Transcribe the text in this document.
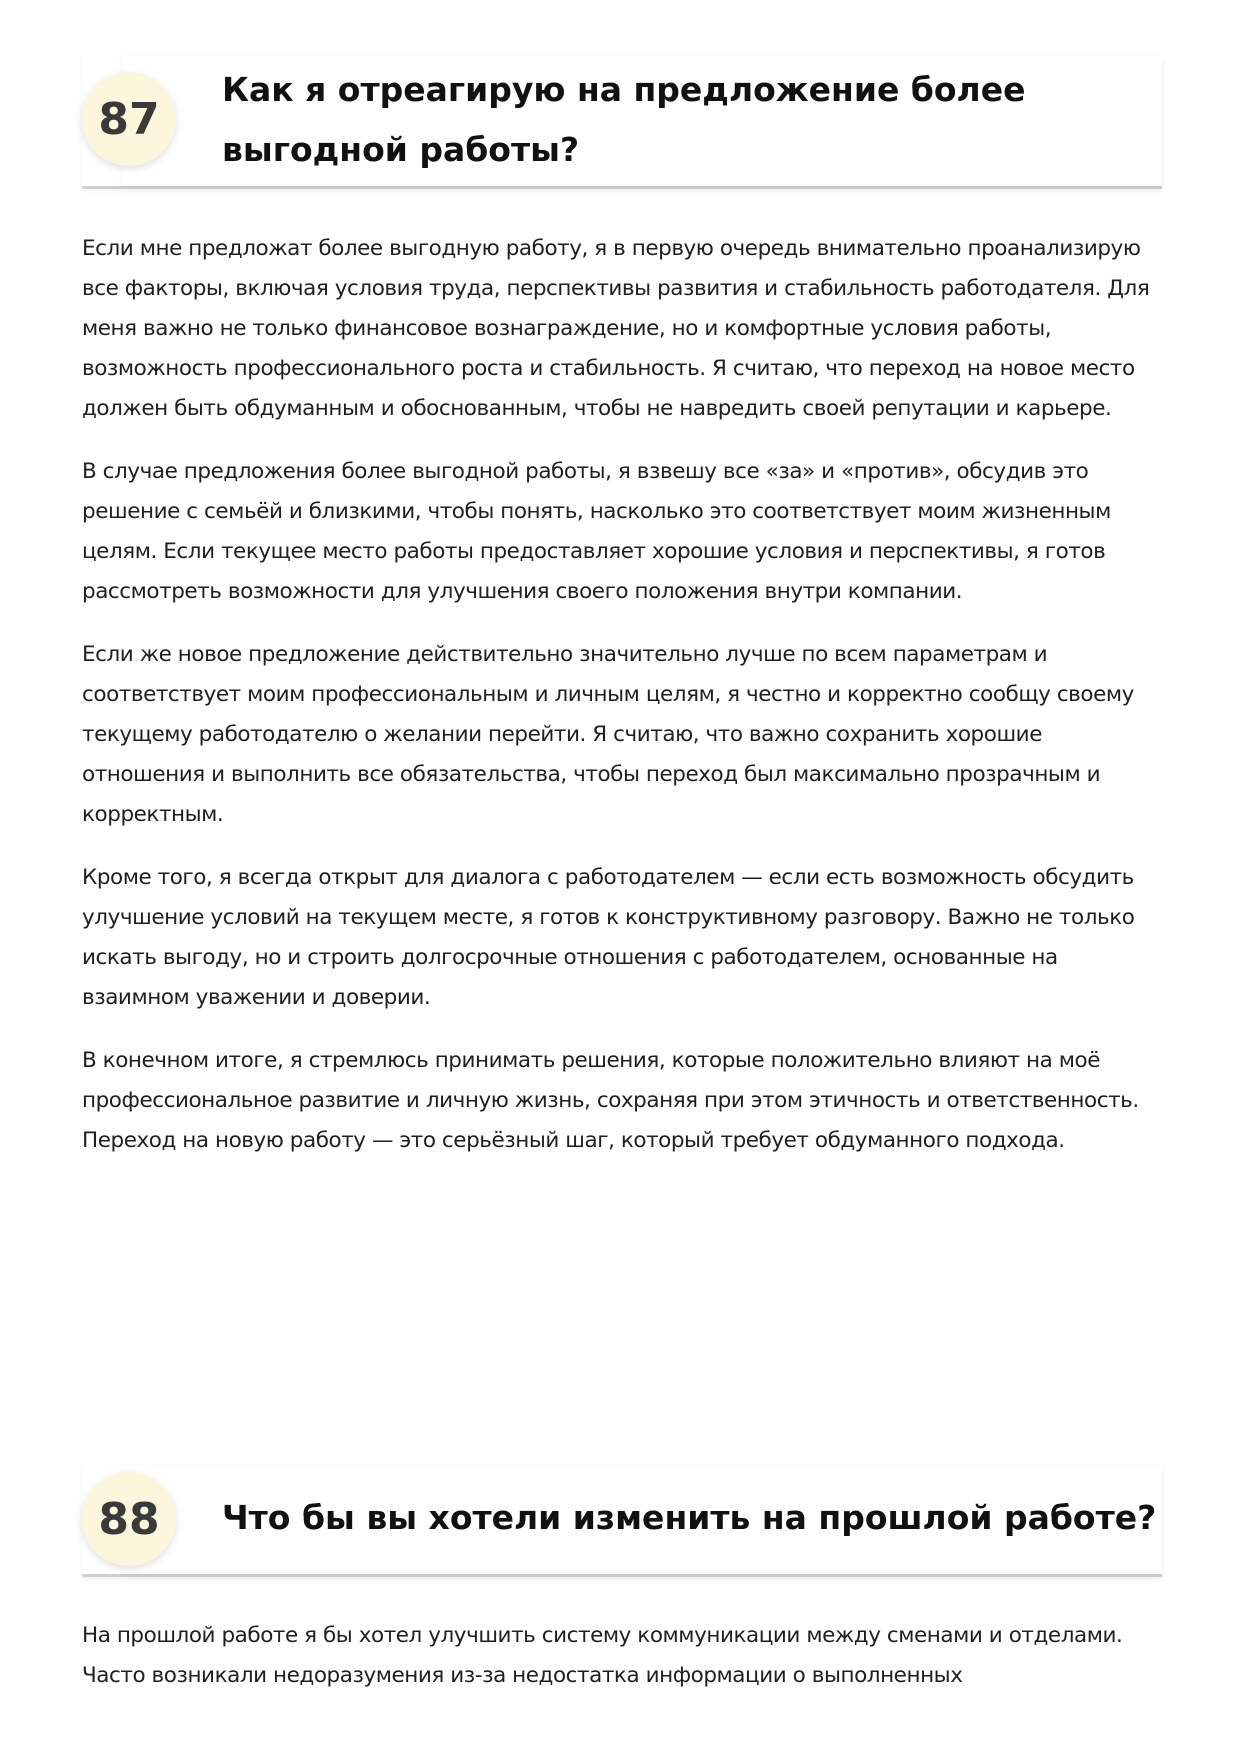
87
Как я отреагирую на предложение более выгодной работы?

Если мне предложат более выгодную работу, я в первую очередь внимательно проанализирую все факторы, включая условия труда, перспективы развития и стабильность работодателя. Для меня важно не только финансовое вознаграждение, но и комфортные условия работы, возможность профессионального роста и стабильность. Я считаю, что переход на новое место должен быть обдуманным и обоснованным, чтобы не навредить своей репутации и карьере.

В случае предложения более выгодной работы, я взвешу все «за» и «против», обсудив это решение с семьёй и близкими, чтобы понять, насколько это соответствует моим жизненным целям. Если текущее место работы предоставляет хорошие условия и перспективы, я готов рассмотреть возможности для улучшения своего положения внутри компании.

Если же новое предложение действительно значительно лучше по всем параметрам и соответствует моим профессиональным и личным целям, я честно и корректно сообщу своему текущему работодателю о желании перейти. Я считаю, что важно сохранить хорошие отношения и выполнить все обязательства, чтобы переход был максимально прозрачным и корректным.

Кроме того, я всегда открыт для диалога с работодателем — если есть возможность обсудить улучшение условий на текущем месте, я готов к конструктивному разговору. Важно не только искать выгоду, но и строить долгосрочные отношения с работодателем, основанные на взаимном уважении и доверии.

В конечном итоге, я стремлюсь принимать решения, которые положительно влияют на моё профессиональное развитие и личную жизнь, сохраняя при этом этичность и ответственность. Переход на новую работу — это серьёзный шаг, который требует обдуманного подхода.

88	Что бы вы хотели изменить на прошлой работе?

На прошлой работе я бы хотел улучшить систему коммуникации между сменами и отделами. Часто возникали недоразумения из-за недостатка информации о выполненных
